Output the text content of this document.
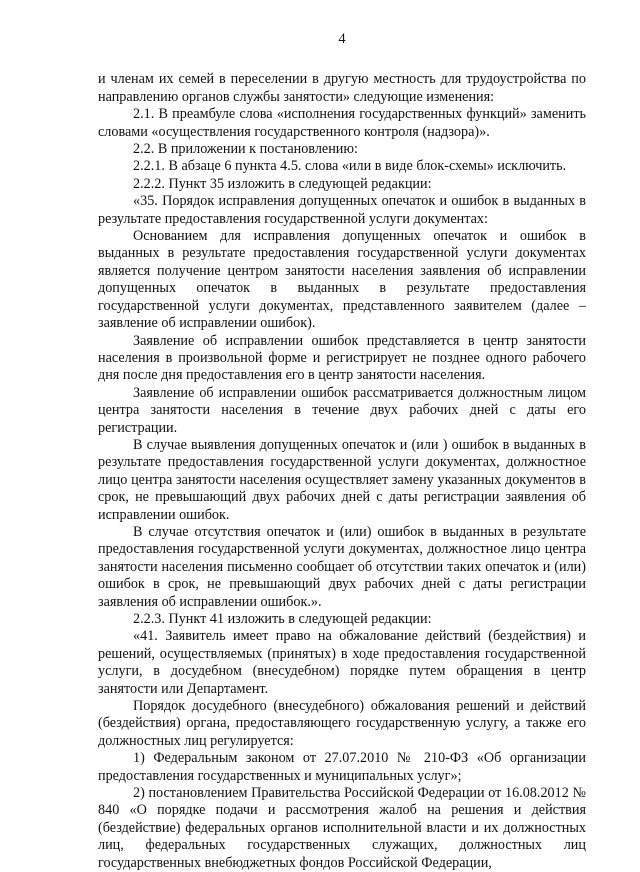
4

и членам их семей в переселении в другую местность для трудоустройства по направлению органов службы занятости» следующие изменения:

2.1. В преамбуле слова «исполнения государственных функций» заменить словами «осуществления государственного контроля (надзора)».

2.2. В приложении к постановлению:

2.2.1. В абзаце 6 пункта 4.5. слова «или в виде блок-схемы» исключить.

2.2.2. Пункт 35 изложить в следующей редакции:

«35. Порядок исправления допущенных опечаток и ошибок в выданных в результате предоставления государственной услуги документах:

Основанием для исправления допущенных опечаток и ошибок в выданных в результате предоставления государственной услуги документах является получение центром занятости населения заявления об исправлении допущенных опечаток в выданных в результате предоставления государственной услуги документах, представленного заявителем (далее – заявление об исправлении ошибок).

Заявление об исправлении ошибок представляется в центр занятости населения в произвольной форме и регистрирует не позднее одного рабочего дня после дня предоставления его в центр занятости населения.

Заявление об исправлении ошибок рассматривается должностным лицом центра занятости населения в течение двух рабочих дней с даты его регистрации.

В случае выявления допущенных опечаток и (или ) ошибок в выданных в результате предоставления государственной услуги документах, должностное лицо центра занятости населения осуществляет замену указанных документов в срок, не превышающий двух рабочих дней с даты регистрации заявления об исправлении ошибок.

В случае отсутствия опечаток и (или) ошибок в выданных в результате предоставления государственной услуги документах, должностное лицо центра занятости населения письменно сообщает об отсутствии таких опечаток и (или) ошибок в срок, не превышающий двух рабочих дней с даты регистрации заявления об исправлении ошибок.».

2.2.3. Пункт 41 изложить в следующей редакции:

«41. Заявитель имеет право на обжалование действий (бездействия) и решений, осуществляемых (принятых) в ходе предоставления государственной услуги, в досудебном (внесудебном) порядке путем обращения в центр занятости или Департамент.

Порядок досудебного (внесудебного) обжалования решений и действий (бездействия) органа, предоставляющего государственную услугу, а также его должностных лиц регулируется:

1) Федеральным законом от 27.07.2010 № 210-ФЗ «Об организации предоставления государственных и муниципальных услуг»;

2) постановлением Правительства Российской Федерации от 16.08.2012 № 840 «О порядке подачи и рассмотрения жалоб на решения и действия (бездействие) федеральных органов исполнительной власти и их должностных лиц, федеральных государственных служащих, должностных лиц государственных внебюджетных фондов Российской Федерации,
